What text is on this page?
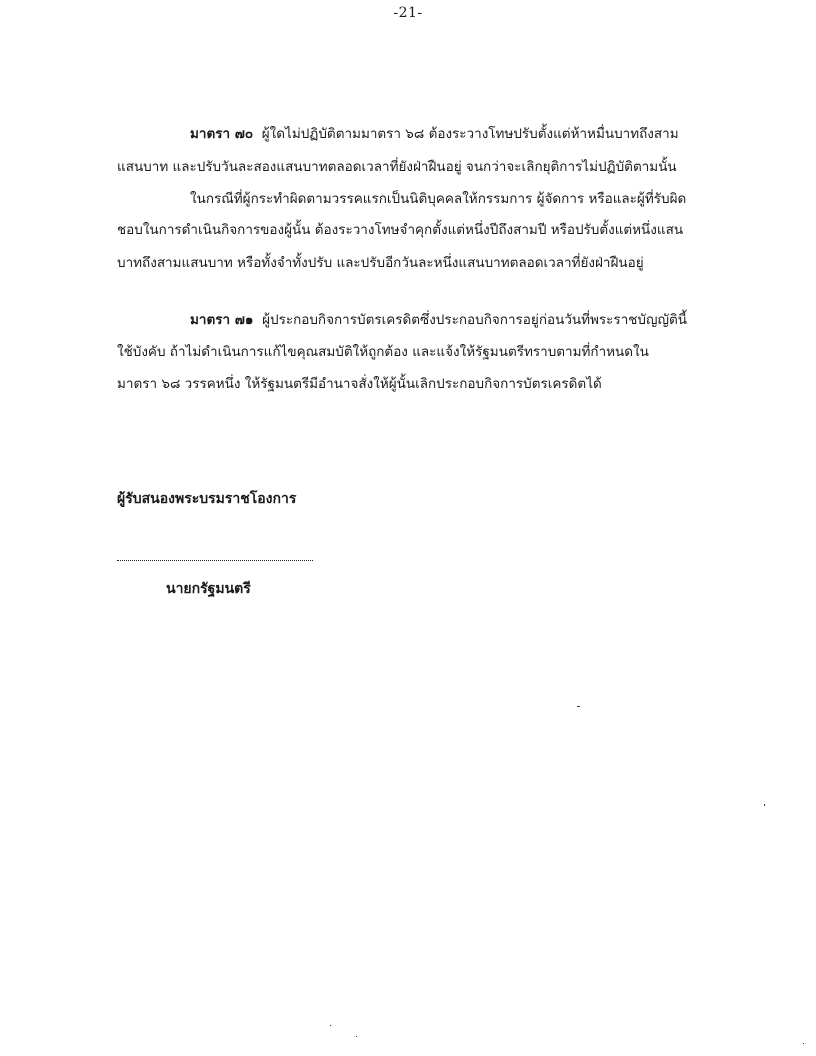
-21-
มาตรา ๗๐ ผู้ใดไม่ปฏิบัติตามมาตรา ๖๘ ต้องระวางโทษปรับตั้งแต่ห้าหมื่นบาทถึงสาม
แสนบาท และปรับวันละสองแสนบาทตลอดเวลาที่ยังฝ่าฝืนอยู่ จนกว่าจะเลิกยุติการไม่ปฏิบัติตามนั้น
ในกรณีที่ผู้กระทำผิดตามวรรคแรกเป็นนิติบุคคลให้กรรมการ ผู้จัดการ หรือและผู้ที่รับผิด
ชอบในการดำเนินกิจการของผู้นั้น ต้องระวางโทษจำคุกตั้งแต่หนึ่งปีถึงสามปี หรือปรับตั้งแต่หนึ่งแสน
บาทถึงสามแสนบาท หรือทั้งจำทั้งปรับ และปรับอีกวันละหนึ่งแสนบาทตลอดเวลาที่ยังฝ่าฝืนอยู่
มาตรา ๗๑ ผู้ประกอบกิจการบัตรเครดิตซึ่งประกอบกิจการอยู่ก่อนวันที่พระราชบัญญัตินี้
ใช้บังคับ ถ้าไม่ดำเนินการแก้ไขคุณสมบัติให้ถูกต้อง และแจ้งให้รัฐมนตรีทราบตามที่กำหนดใน
มาตรา ๖๘ วรรคหนึ่ง ให้รัฐมนตรีมีอำนาจสั่งให้ผู้นั้นเลิกประกอบกิจการบัตรเครดิตได้
ผู้รับสนองพระบรมราชโองการ
นายกรัฐมนตรี
